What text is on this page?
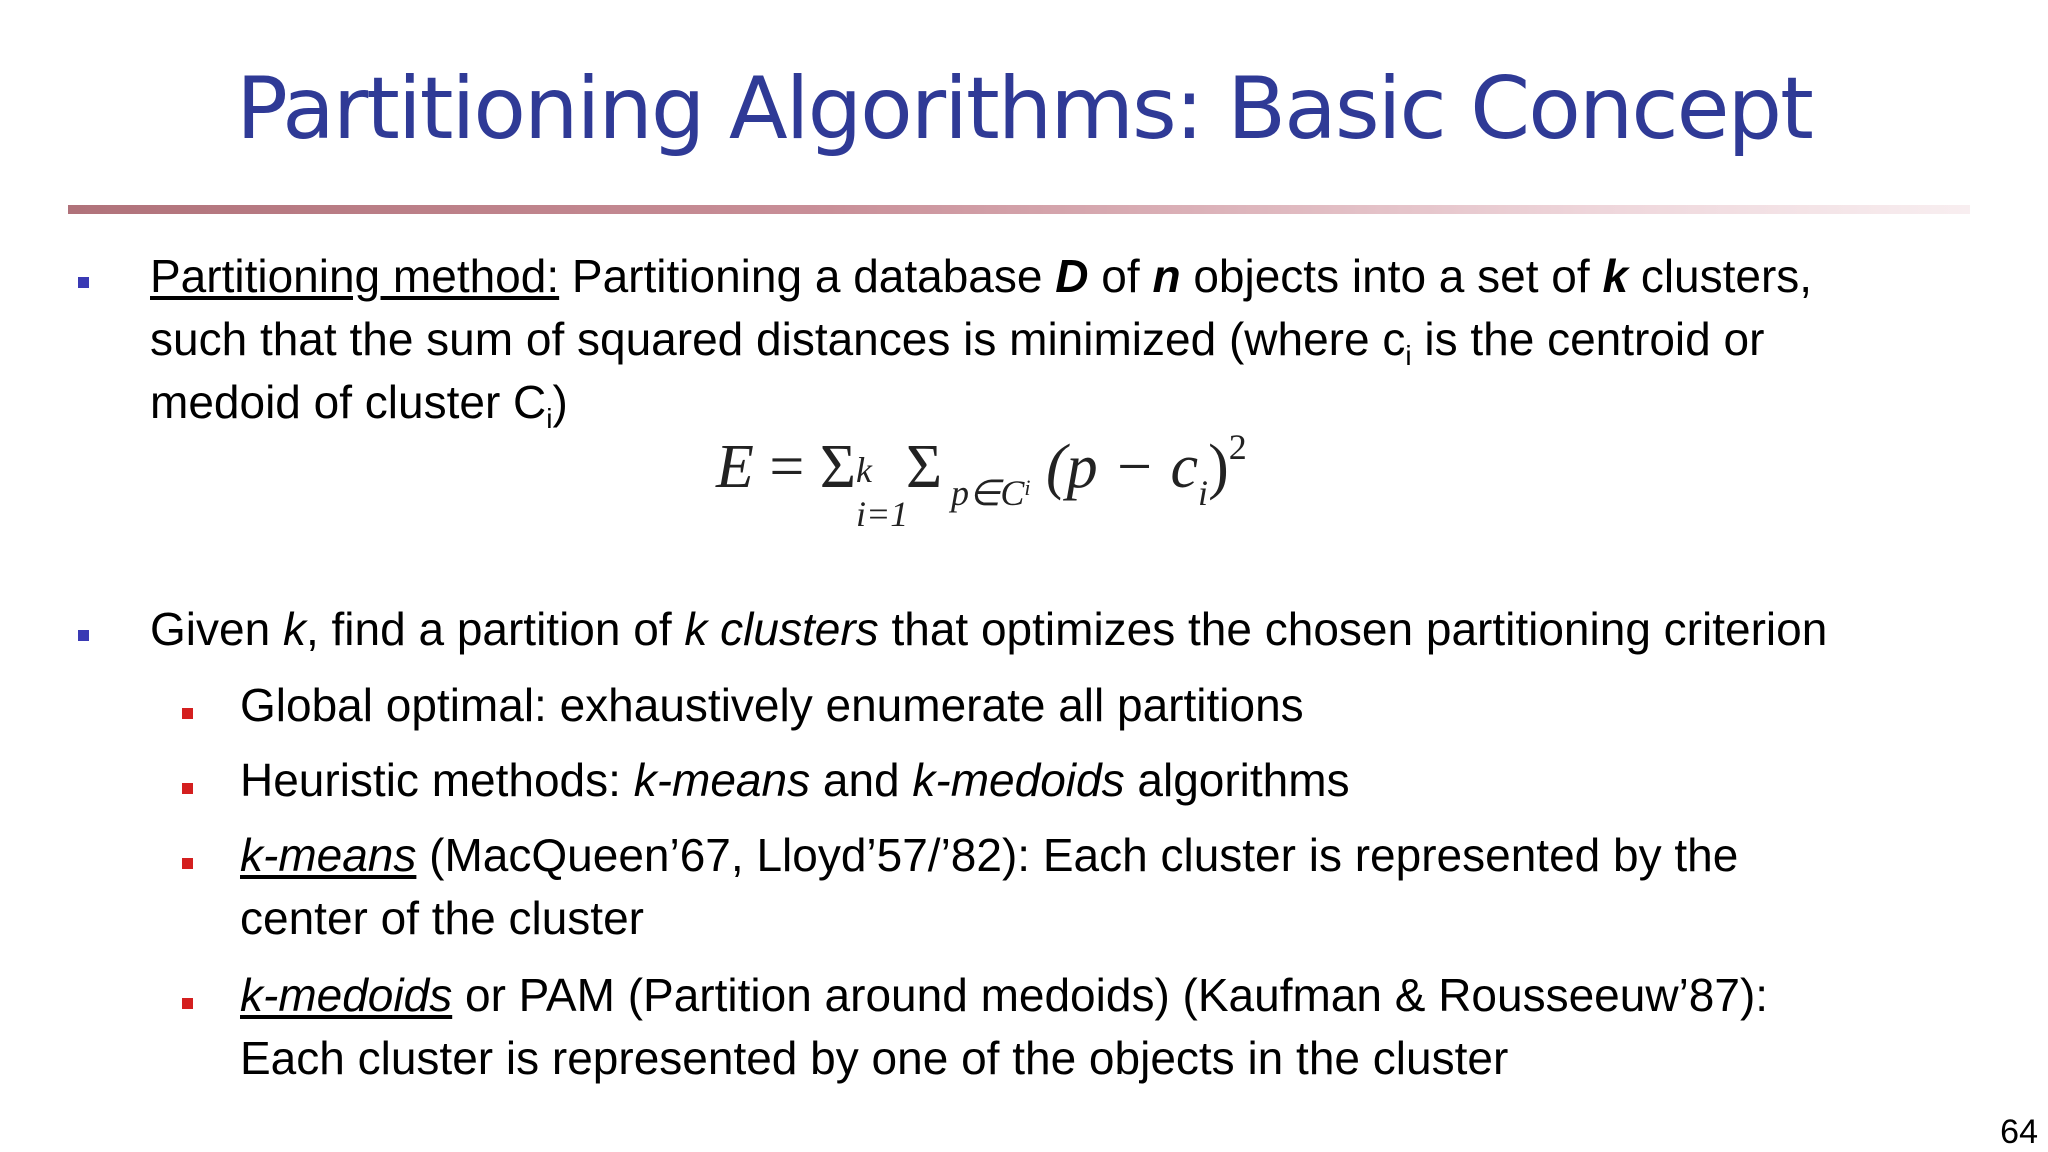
Partitioning Algorithms: Basic Concept
Partitioning method: Partitioning a database D of n objects into a set of k clusters,
such that the sum of squared distances is minimized (where $c_i$ is the centroid or
medoid of cluster $C_i$)
E = Σ k
i=1
Σ $_{p\in C}$i $(p - c_i)^2$
Given k, find a partition of k clusters that optimizes the chosen partitioning criterion
Global optimal: exhaustively enumerate all partitions
Heuristic methods: k-means and k-medoids algorithms
k-means (MacQueen’67, Lloyd’57/’82): Each cluster is represented by the
center of the cluster
k-medoids or PAM (Partition around medoids) (Kaufman & Rousseeuw’87):
Each cluster is represented by one of the objects in the cluster
64
